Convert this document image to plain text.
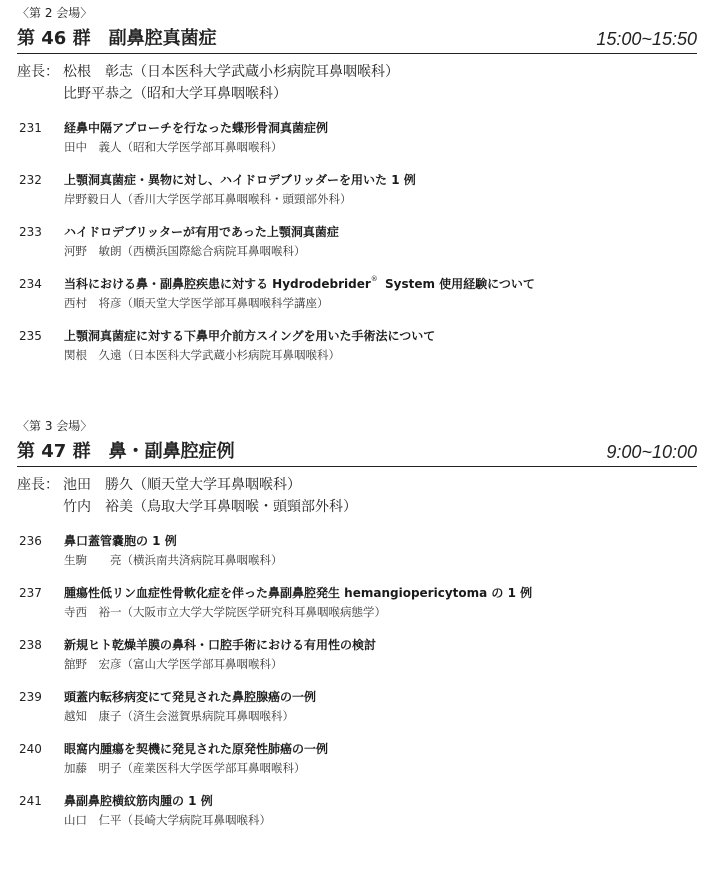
〈第 2 会場〉
第 46 群 副鼻腔真菌症	15:00~15:50
座長： 松根　彰志（日本医科大学武蔵小杉病院耳鼻咽喉科）
比野平恭之（昭和大学耳鼻咽喉科）
231 経鼻中隔アプローチを行なった蝶形骨洞真菌症例
田中　義人（昭和大学医学部耳鼻咽喉科）
232 上顎洞真菌症・異物に対し、ハイドロデブリッダーを用いた 1 例
岸野毅日人（香川大学医学部耳鼻咽喉科・頭頸部外科）
233 ハイドロデブリッターが有用であった上顎洞真菌症
河野　敏朗（西横浜国際総合病院耳鼻咽喉科）
234 当科における鼻・副鼻腔疾患に対する Hydrodebrider® System 使用経験について
西村　将彦（順天堂大学医学部耳鼻咽喉科学講座）
235 上顎洞真菌症に対する下鼻甲介前方スイングを用いた手術法について
関根　久遠（日本医科大学武蔵小杉病院耳鼻咽喉科）
〈第 3 会場〉
第 47 群 鼻・副鼻腔症例	9:00~10:00
座長： 池田　勝久（順天堂大学耳鼻咽喉科）
竹内　裕美（鳥取大学耳鼻咽喉・頭頸部外科）
236 鼻口蓋管嚢胞の 1 例
生駒　　亮（横浜南共済病院耳鼻咽喉科）
237 腫瘍性低リン血症性骨軟化症を伴った鼻副鼻腔発生 hemangiopericytoma の 1 例
寺西　裕一（大阪市立大学大学院医学研究科耳鼻咽喉病態学）
238 新規ヒト乾燥羊膜の鼻科・口腔手術における有用性の検討
舘野　宏彦（富山大学医学部耳鼻咽喉科）
239 頭蓋内転移病変にて発見された鼻腔腺癌の一例
越知　康子（済生会滋賀県病院耳鼻咽喉科）
240 眼窩内腫瘍を契機に発見された原発性肺癌の一例
加藤　明子（産業医科大学医学部耳鼻咽喉科）
241 鼻副鼻腔横紋筋肉腫の 1 例
山口　仁平（長崎大学病院耳鼻咽喉科）
